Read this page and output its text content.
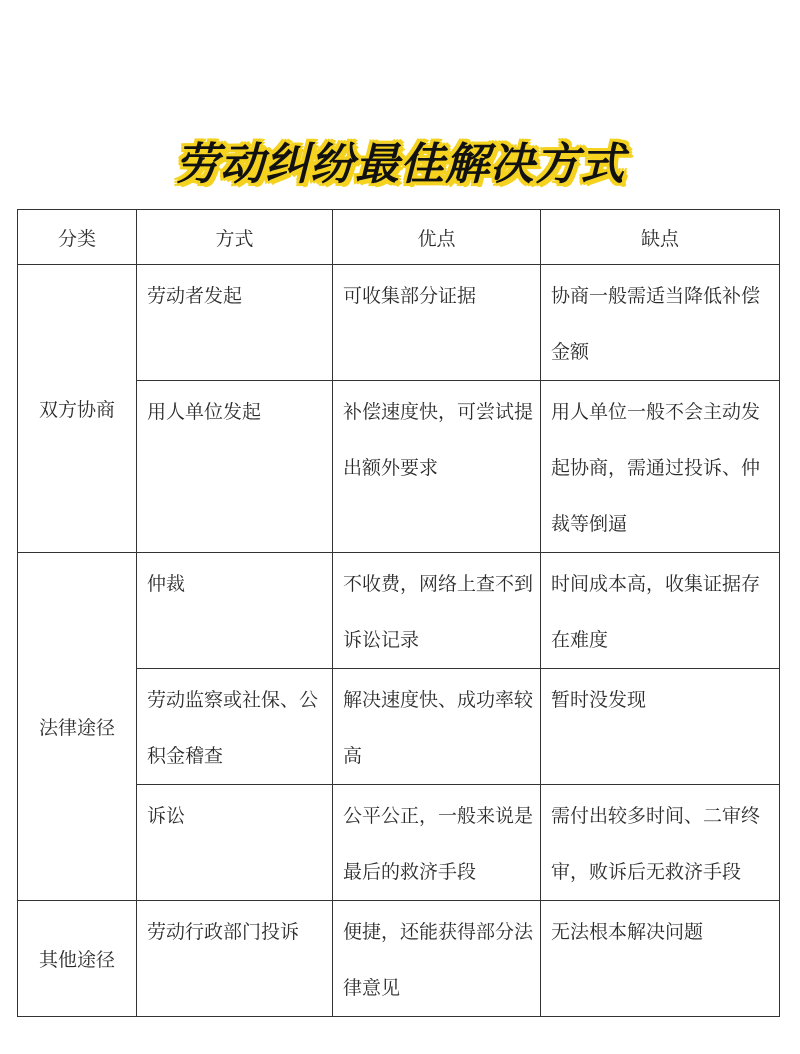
劳动纠纷最佳解决方式
分类	方式	优点	缺点
双方协商	劳动者发起	可收集部分证据	协商一般需适当降低补偿金额

	用人单位发起	补偿速度快，可尝试提出额外要求	用人单位一般不会主动发起协商，需通过投诉、仲裁等倒逼

法律途径	仲裁	不收费，网络上查不到诉讼记录	时间成本高，收集证据存在难度

	劳动监察或社保、公积金稽查	解决速度快、成功率较高	暂时没发现

	诉讼	公平公正，一般来说是最后的救济手段	需付出较多时间、二审终审，败诉后无救济手段

其他途径	劳动行政部门投诉	便捷，还能获得部分法律意见	无法根本解决问题
